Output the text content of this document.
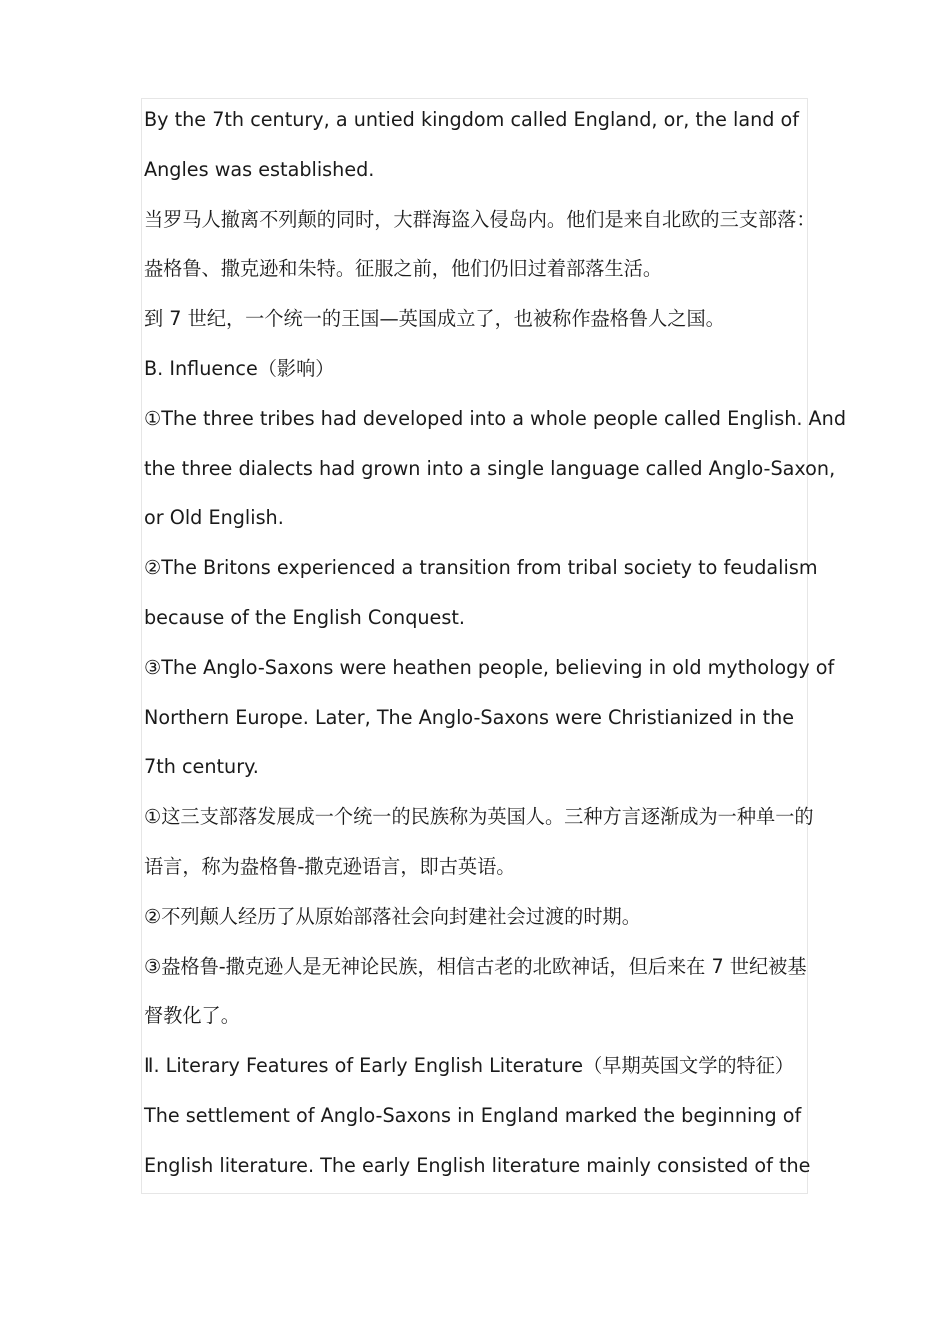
By the 7th century, a untied kingdom called England, or, the land of
Angles was established.
当罗马人撤离不列颠的同时，大群海盗入侵岛内。他们是来自北欧的三支部落：
盎格鲁、撒克逊和朱特。征服之前，他们仍旧过着部落生活。
到 7 世纪，一个统一的王国—英国成立了，也被称作盎格鲁人之国。
B. Influence（影响）
①The three tribes had developed into a whole people called English. And
the three dialects had grown into a single language called Anglo-Saxon,
or Old English.
②The Britons experienced a transition from tribal society to feudalism
because of the English Conquest.
③The Anglo-Saxons were heathen people, believing in old mythology of
Northern Europe. Later, The Anglo-Saxons were Christianized in the
7th century.
①这三支部落发展成一个统一的民族称为英国人。三种方言逐渐成为一种单一的
语言，称为盎格鲁-撒克逊语言，即古英语。
②不列颠人经历了从原始部落社会向封建社会过渡的时期。
③盎格鲁-撒克逊人是无神论民族，相信古老的北欧神话，但后来在 7 世纪被基
督教化了。
Ⅱ. Literary Features of Early English Literature（早期英国文学的特征）
The settlement of Anglo-Saxons in England marked the beginning of
English literature. The early English literature mainly consisted of the
